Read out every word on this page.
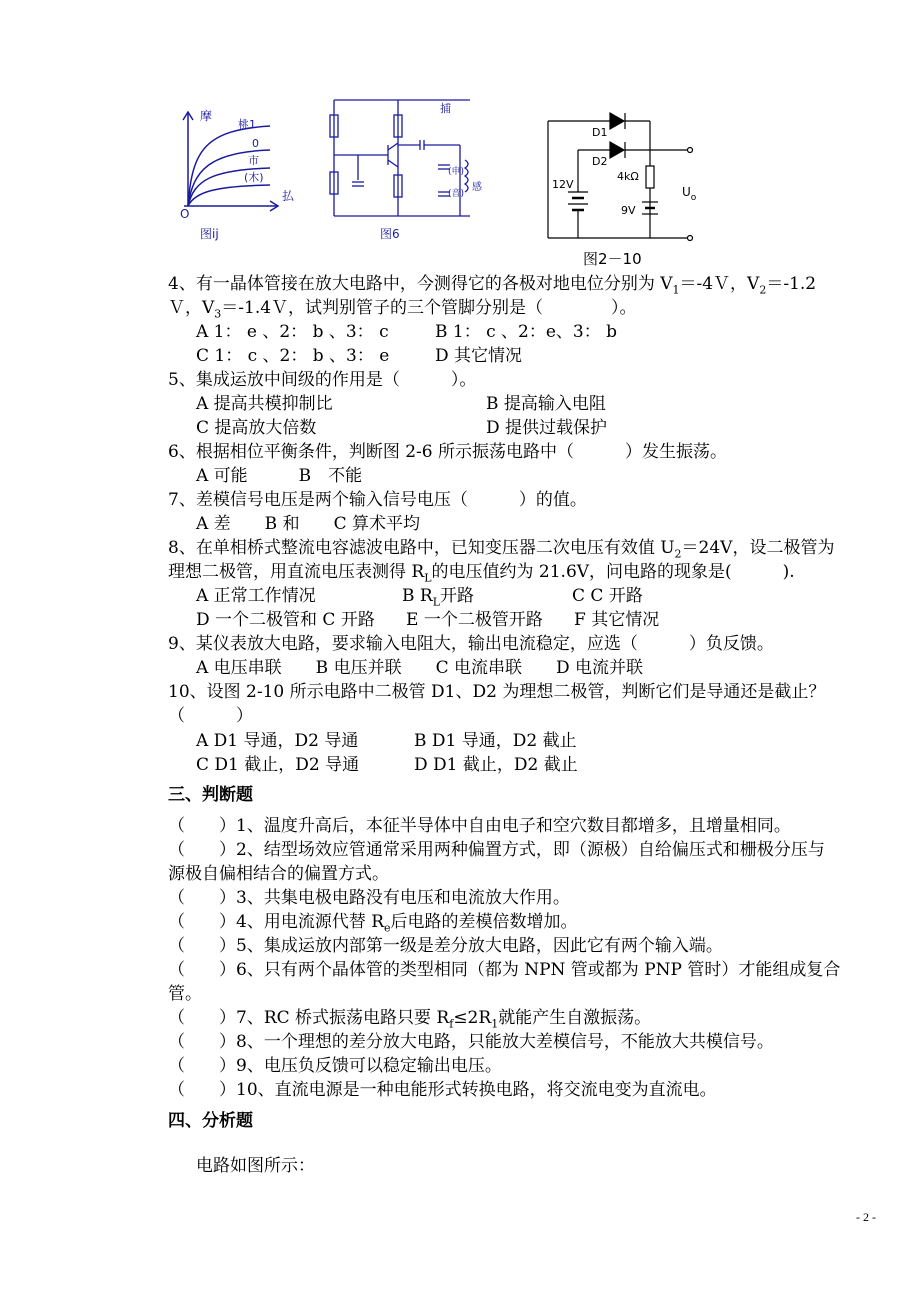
摩
払
O
桃1
0
市
(木)
图ij
捕
(申)
(音)
感
图6
D1
D2
12V
4kΩ
9V
$U_o$
图2－10
4、有一晶体管接在放大电路中，今测得它的各极对地电位分别为 $V_1=-4V$，$V_2=-1.2$
Ｖ，$V_3=-1.4V$，试判别管子的三个管脚分别是（　　　　）。
A 1： e 、2： b 、3： c	B 1： c 、2：e、3： b
C 1： c 、2： b 、3： e	D 其它情况
5、集成运放中间级的作用是（　　　）。
A 提高共模抑制比	B 提高输入电阻
C 提高放大倍数	D 提供过载保护
6、根据相位平衡条件，判断图 2-6 所示振荡电路中（　　　）发生振荡。
A 可能　　　B　不能
7、差模信号电压是两个输入信号电压（　　　）的值。
A 差　　B 和　　C 算术平均
8、在单相桥式整流电容滤波电路中，已知变压器二次电压有效值 $U_2=24V$，设二极管为
理想二极管，用直流电压表测得 $R_L$的电压值约为 21.6V，问电路的现象是(　　　).
A 正常工作情况	B $R_L$开路	C C 开路
D 一个二极管和 C 开路 E 一个二极管开路 F 其它情况
9、某仪表放大电路，要求输入电阻大，输出电流稳定，应选（　　　）负反馈。
A 电压串联　　B 电压并联　　C 电流串联　　D 电流并联
10、设图 2-10 所示电路中二极管 D1、D2 为理想二极管，判断它们是导通还是截止？
（　　　）
A D1 导通，D2 导通	B D1 导通，D2 截止
C D1 截止，D2 导通	D D1 截止，D2 截止
三、判断题
（　　）1、温度升高后，本征半导体中自由电子和空穴数目都增多，且增量相同。
（　　）2、结型场效应管通常采用两种偏置方式，即（源极）自给偏压式和栅极分压与
源极自偏相结合的偏置方式。
（　　）3、共集电极电路没有电压和电流放大作用。
（　　）4、用电流源代替 $R_e$后电路的差模倍数增加。
（　　）5、集成运放内部第一级是差分放大电路，因此它有两个输入端。
（　　）6、只有两个晶体管的类型相同（都为 NPN 管或都为 PNP 管时）才能组成复合
管。
（　　）7、RC 桥式振荡电路只要 $R_f\le 2R_1$就能产生自激振荡。
（　　）8、一个理想的差分放大电路，只能放大差模信号，不能放大共模信号。
（　　）9、电压负反馈可以稳定输出电压。
（　　）10、直流电源是一种电能形式转换电路，将交流电变为直流电。
四、分析题
电路如图所示：
- 2 -
